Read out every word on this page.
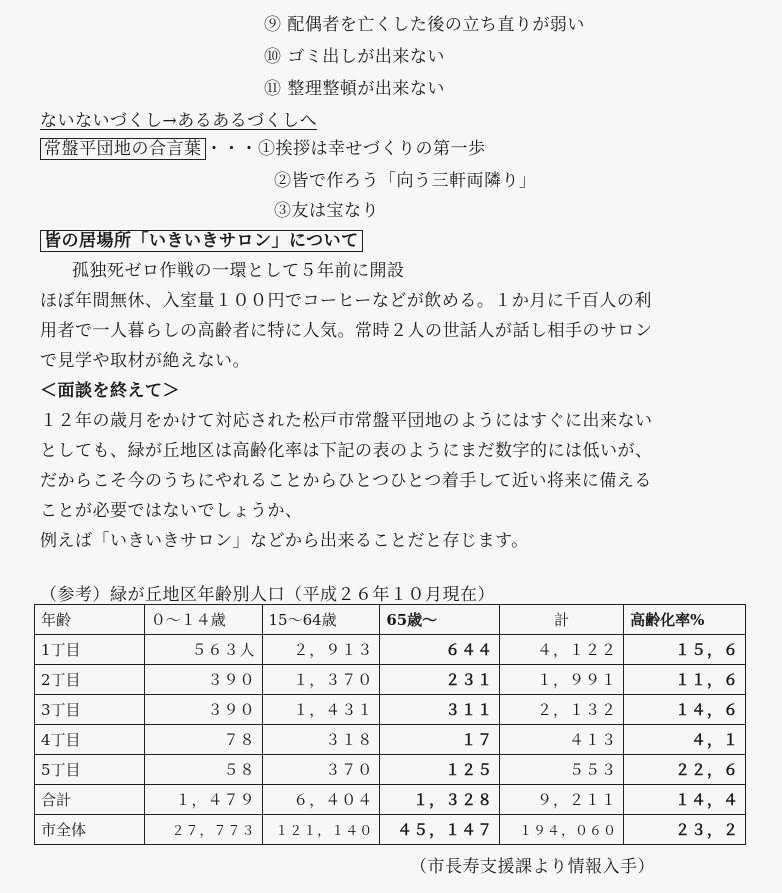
⑨ 配偶者を亡くした後の立ち直りが弱い
⑩ ゴミ出しが出来ない
⑪ 整理整頓が出来ない
ないないづくし→あるあるづくしへ
常盤平団地の合言葉 ・・・①挨拶は幸せづくりの第一歩
②皆で作ろう「向う三軒両隣り」
③友は宝なり
皆の居場所「いきいきサロン」について
孤独死ゼロ作戦の一環として５年前に開設
ほぼ年間無休、入室量１００円でコーヒーなどが飲める。１か月に千百人の利
用者で一人暮らしの高齢者に特に人気。常時２人の世話人が話し相手のサロン
で見学や取材が絶えない。
＜面談を終えて＞
１２年の歳月をかけて対応された松戸市常盤平団地のようにはすぐに出来ない
としても、緑が丘地区は高齢化率は下記の表のようにまだ数字的には低いが、
だからこそ今のうちにやれることからひとつひとつ着手して近い将来に備える
ことが必要ではないでしょうか、
例えば「いきいきサロン」などから出来ることだと存じます。
（参考）緑が丘地区年齢別人口（平成２６年１０月現在）
年齢	０～１４歳	15～64歳	65歳～	計	高齢化率%
1丁目	５６３人	２，９１３	６４４	４，１２２	１５，６
2丁目	３９０	１，３７０	２３１	１，９９１	１１，６
3丁目	３９０	１，４３１	３１１	２，１３２	１４，６
4丁目	７８	３１８	１７	４１３	４，１
5丁目	５８	３７０	１２５	５５３	２２，６
合計	１，４７９	６，４０４	１，３２８	９，２１１	１４，４
市全体	２７，７７３	１２１，１４０	４５，１４７	１９４，０６０	２３，２
（市長寿支援課より情報入手）
